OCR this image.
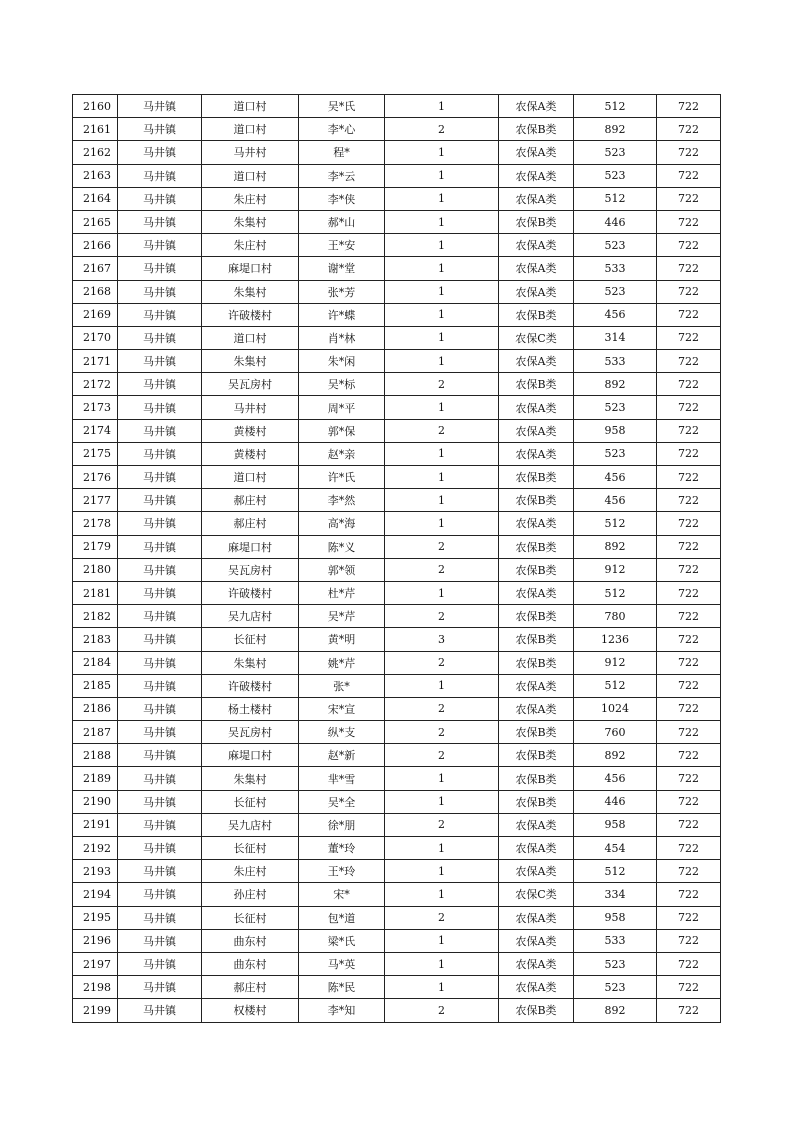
2160	马井镇	道口村	吴*氏	1	农保A类	512	722
2161	马井镇	道口村	李*心	2	农保B类	892	722
2162	马井镇	马井村	程*	1	农保A类	523	722
2163	马井镇	道口村	李*云	1	农保A类	523	722
2164	马井镇	朱庄村	李*侠	1	农保A类	512	722
2165	马井镇	朱集村	郝*山	1	农保B类	446	722
2166	马井镇	朱庄村	王*安	1	农保A类	523	722
2167	马井镇	麻堤口村	谢*堂	1	农保A类	533	722
2168	马井镇	朱集村	张*芳	1	农保A类	523	722
2169	马井镇	许破楼村	许*蝶	1	农保B类	456	722
2170	马井镇	道口村	肖*林	1	农保C类	314	722
2171	马井镇	朱集村	朱*闲	1	农保A类	533	722
2172	马井镇	吴瓦房村	吴*标	2	农保B类	892	722
2173	马井镇	马井村	周*平	1	农保A类	523	722
2174	马井镇	黄楼村	郭*保	2	农保A类	958	722
2175	马井镇	黄楼村	赵*亲	1	农保A类	523	722
2176	马井镇	道口村	许*氏	1	农保B类	456	722
2177	马井镇	郝庄村	李*然	1	农保B类	456	722
2178	马井镇	郝庄村	高*海	1	农保A类	512	722
2179	马井镇	麻堤口村	陈*义	2	农保B类	892	722
2180	马井镇	吴瓦房村	郭*领	2	农保B类	912	722
2181	马井镇	许破楼村	杜*芹	1	农保A类	512	722
2182	马井镇	吴九店村	吴*芹	2	农保B类	780	722
2183	马井镇	长征村	黄*明	3	农保B类	1236	722
2184	马井镇	朱集村	姚*芹	2	农保B类	912	722
2185	马井镇	许破楼村	张*	1	农保A类	512	722
2186	马井镇	杨土楼村	宋*宣	2	农保A类	1024	722
2187	马井镇	吴瓦房村	纵*支	2	农保B类	760	722
2188	马井镇	麻堤口村	赵*新	2	农保B类	892	722
2189	马井镇	朱集村	芈*雪	1	农保B类	456	722
2190	马井镇	长征村	吴*全	1	农保B类	446	722
2191	马井镇	吴九店村	徐*朋	2	农保A类	958	722
2192	马井镇	长征村	董*玲	1	农保A类	454	722
2193	马井镇	朱庄村	王*玲	1	农保A类	512	722
2194	马井镇	孙庄村	宋*	1	农保C类	334	722
2195	马井镇	长征村	包*道	2	农保A类	958	722
2196	马井镇	曲东村	梁*氏	1	农保A类	533	722
2197	马井镇	曲东村	马*英	1	农保A类	523	722
2198	马井镇	郝庄村	陈*民	1	农保A类	523	722
2199	马井镇	权楼村	李*知	2	农保B类	892	722
